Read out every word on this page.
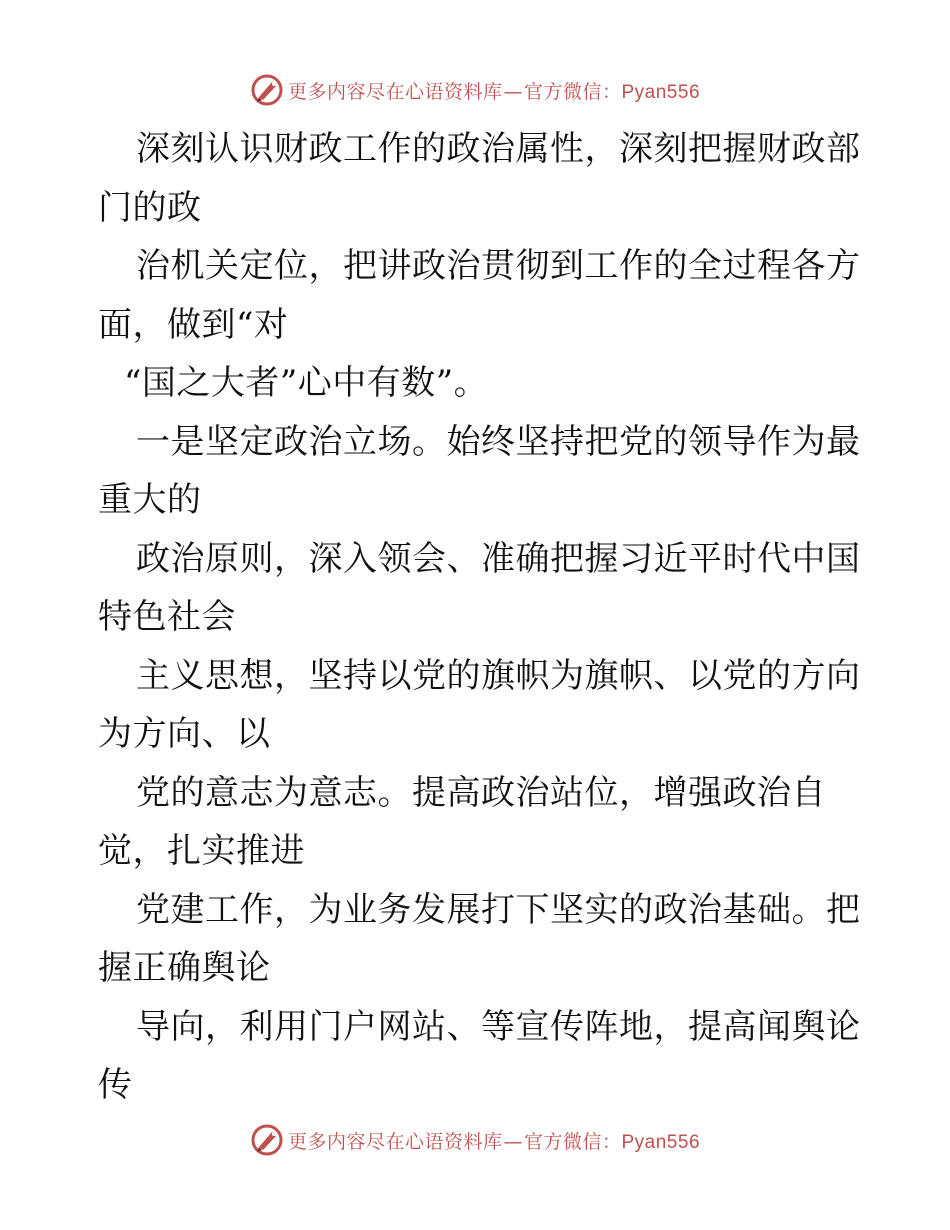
更多内容尽在心语资料库—官方微信：Pyan556
深刻认识财政工作的政治属性，深刻把握财政部
门的政
治机关定位，把讲政治贯彻到工作的全过程各方
面，做到“对
“国之大者”心中有数”。
一是坚定政治立场。始终坚持把党的领导作为最
重大的
政治原则，深入领会、准确把握习近平时代中国
特色社会
主义思想，坚持以党的旗帜为旗帜、以党的方向
为方向、以
党的意志为意志。提高政治站位，增强政治自
觉，扎实推进
党建工作，为业务发展打下坚实的政治基础。把
握正确舆论
导向，利用门户网站、等宣传阵地，提高闻舆论
传
更多内容尽在心语资料库—官方微信：Pyan556
